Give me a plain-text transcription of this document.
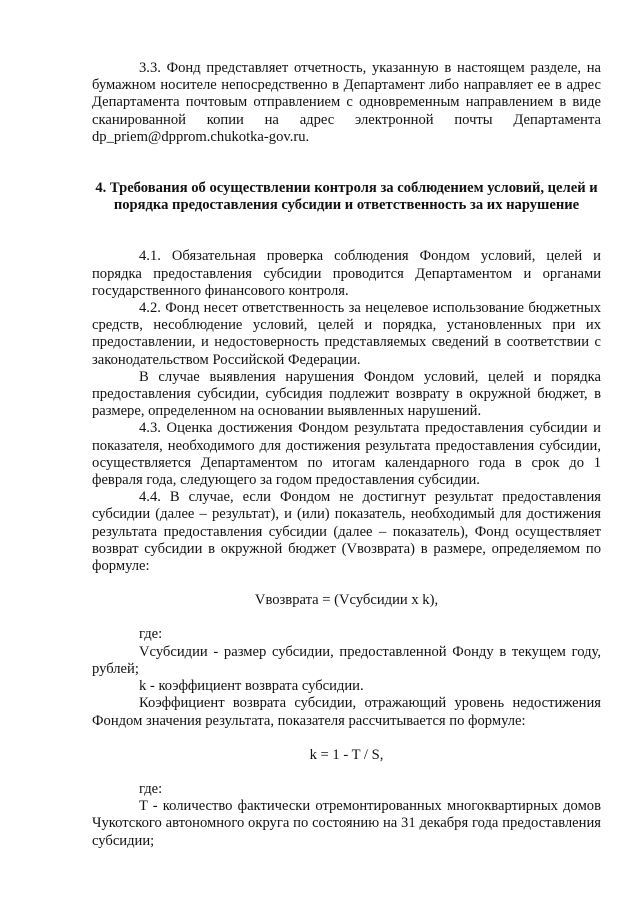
3.3. Фонд представляет отчетность, указанную в настоящем разделе, на бумажном носителе непосредственно в Департамент либо направляет ее в адрес Департамента почтовым отправлением с одновременным направлением в виде сканированной копии на адрес электронной почты Департамента dp_priem@dpprom.chukotka-gov.ru.

4. Требования об осуществлении контроля за соблюдением условий, целей и порядка предоставления субсидии и ответственность за их нарушение

4.1. Обязательная проверка соблюдения Фондом условий, целей и порядка предоставления субсидии проводится Департаментом и органами государственного финансового контроля.

4.2. Фонд несет ответственность за нецелевое использование бюджетных средств, несоблюдение условий, целей и порядка, установленных при их предоставлении, и недостоверность представляемых сведений в соответствии с законодательством Российской Федерации.

В случае выявления нарушения Фондом условий, целей и порядка предоставления субсидии, субсидия подлежит возврату в окружной бюджет, в размере, определенном на основании выявленных нарушений.

4.3. Оценка достижения Фондом результата предоставления субсидии и показателя, необходимого для достижения результата предоставления субсидии, осуществляется Департаментом по итогам календарного года в срок до 1 февраля года, следующего за годом предоставления субсидии.

4.4. В случае, если Фондом не достигнут результат предоставления субсидии (далее – результат), и (или) показатель, необходимый для достижения результата предоставления субсидии (далее – показатель), Фонд осуществляет возврат субсидии в окружной бюджет (Vвозврата) в размере, определяемом по формуле:

Vвозврата = (Vсубсидии x k),

где:

Vсубсидии - размер субсидии, предоставленной Фонду в текущем году, рублей;

k - коэффициент возврата субсидии.

Коэффициент возврата субсидии, отражающий уровень недостижения Фондом значения результата, показателя рассчитывается по формуле:

k = 1 - T / S,

где:

T - количество фактически отремонтированных многоквартирных домов Чукотского автономного округа по состоянию на 31 декабря года предоставления субсидии;
